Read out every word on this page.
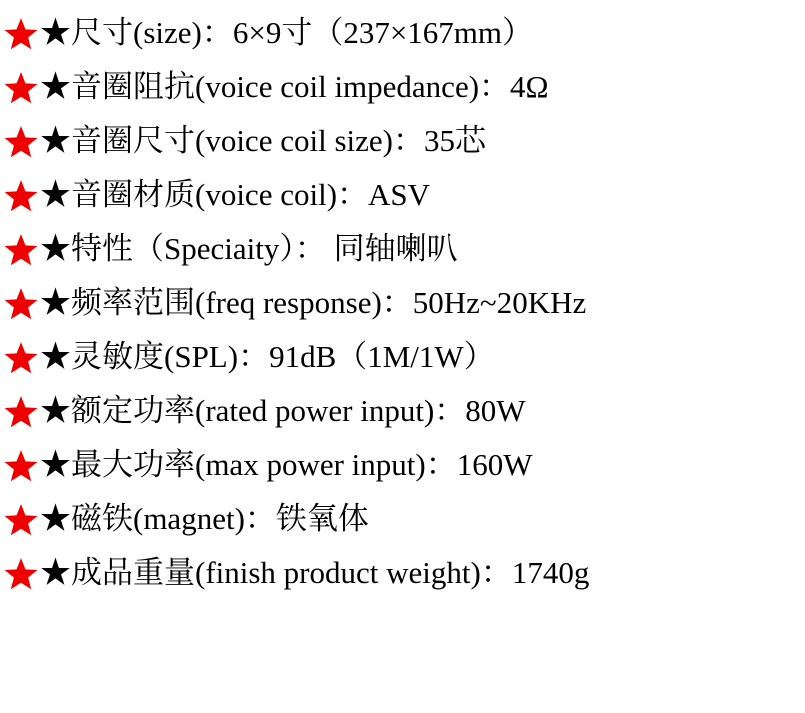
★尺寸(size)：6×9寸（237×167mm）
★音圈阻抗(voice coil impedance)：4Ω
★音圈尺寸(voice coil size)：35芯
★音圈材质(voice coil)：ASV
★特性（Speciaity）： 同轴喇叭
★频率范围(freq response)：50Hz~20KHz
★灵敏度(SPL)：91dB（1M/1W）
★额定功率(rated power input)：80W
★最大功率(max power input)：160W
★磁铁(magnet)：铁氧体
★成品重量(finish product weight)：1740g
